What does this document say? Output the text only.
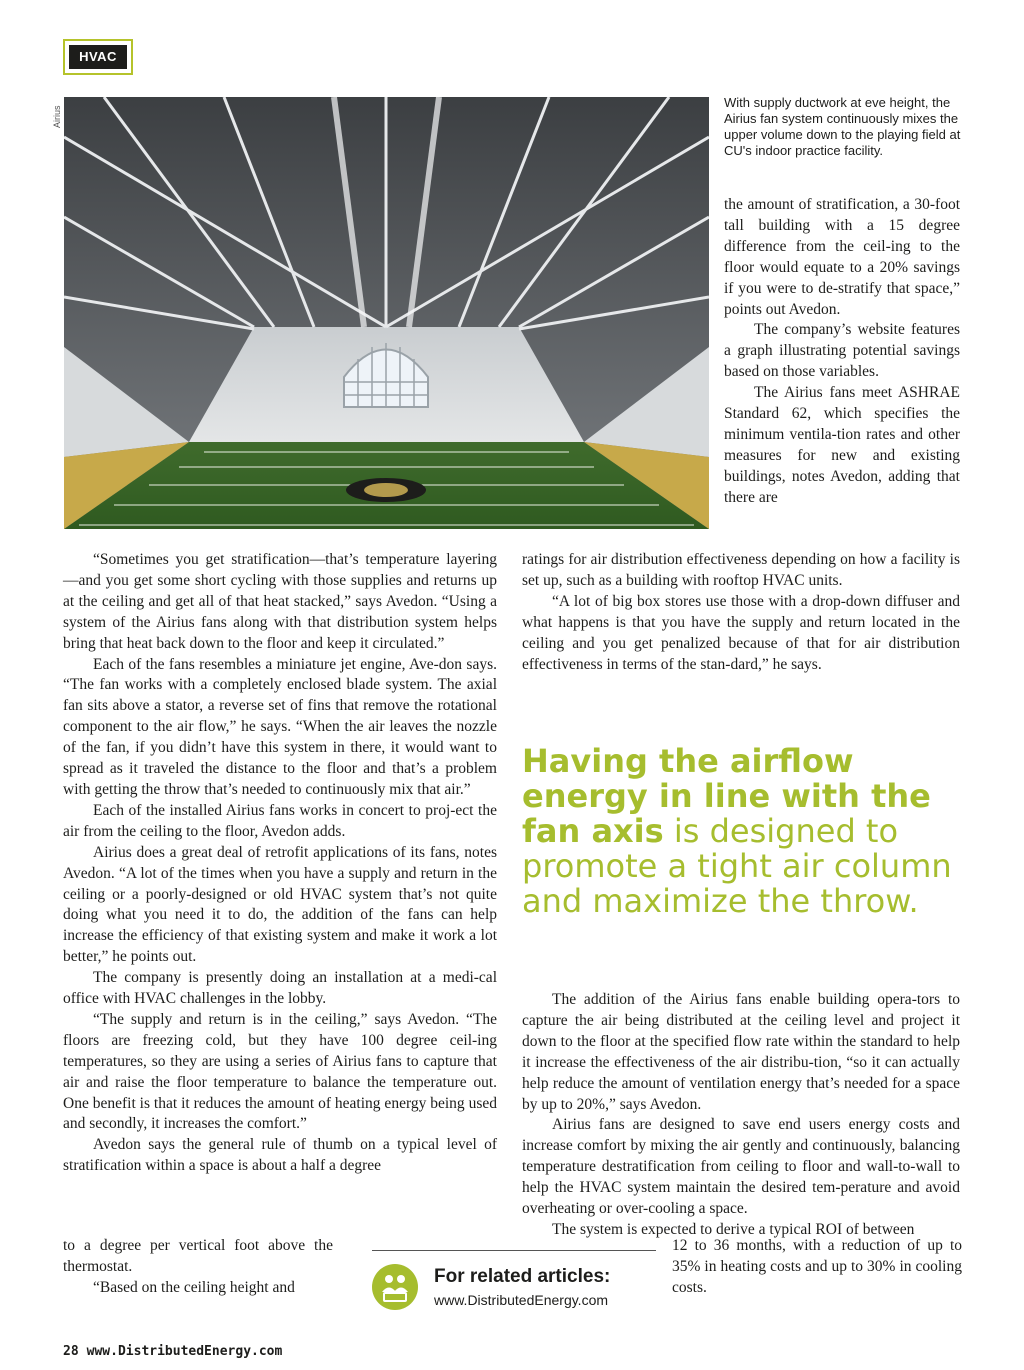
HVAC
Airius
With supply ductwork at eve height, the Airius fan system continuously mixes the upper volume down to the playing field at CU's indoor practice facility.

the amount of stratification, a 30-foot tall building with a 15 degree difference from the ceil-ing to the floor would equate to a 20% savings if you were to de-stratify that space,” points out Avedon.

The company’s website features a graph illustrating potential savings based on those variables.

The Airius fans meet ASHRAE Standard 62, which specifies the minimum ventila-tion rates and other measures for new and existing buildings, notes Avedon, adding that there are

“Sometimes you get stratification—that’s temperature layering—and you get some short cycling with those supplies and returns up at the ceiling and get all of that heat stacked,” says Avedon. “Using a system of the Airius fans along with that distribution system helps bring that heat back down to the floor and keep it circulated.”

Each of the fans resembles a miniature jet engine, Ave-don says. “The fan works with a completely enclosed blade system. The axial fan sits above a stator, a reverse set of fins that remove the rotational component to the air flow,” he says. “When the air leaves the nozzle of the fan, if you didn’t have this system in there, it would want to spread as it traveled the distance to the floor and that’s a problem with getting the throw that’s needed to continuously mix that air.”

Each of the installed Airius fans works in concert to proj-ect the air from the ceiling to the floor, Avedon adds.

Airius does a great deal of retrofit applications of its fans, notes Avedon. “A lot of the times when you have a supply and return in the ceiling or a poorly-designed or old HVAC system that’s not quite doing what you need it to do, the addition of the fans can help increase the efficiency of that existing system and make it work a lot better,” he points out.

The company is presently doing an installation at a medi-cal office with HVAC challenges in the lobby.

“The supply and return is in the ceiling,” says Avedon. “The floors are freezing cold, but they have 100 degree ceil-ing temperatures, so they are using a series of Airius fans to capture that air and raise the floor temperature to balance the temperature out. One benefit is that it reduces the amount of heating energy being used and secondly, it increases the comfort.”

Avedon says the general rule of thumb on a typical level of stratification within a space is about a half a degree

to a degree per vertical foot above the thermostat.

“Based on the ceiling height and

ratings for air distribution effectiveness depending on how a facility is set up, such as a building with rooftop HVAC units.

“A lot of big box stores use those with a drop-down diffuser and what happens is that you have the supply and return located in the ceiling and you get penalized because of that for air distribution effectiveness in terms of the stan-dard,” he says.

Having the airflow energy in line with the fan axis is designed to promote a tight air column and maximize the throw.

The addition of the Airius fans enable building opera-tors to capture the air being distributed at the ceiling level and project it down to the floor at the specified flow rate within the standard to help it increase the effectiveness of the air distribu-tion, “so it can actually help reduce the amount of ventilation energy that’s needed for a space by up to 20%,” says Avedon.

Airius fans are designed to save end users energy costs and increase comfort by mixing the air gently and continuously, balancing temperature destratification from ceiling to floor and wall-to-wall to help the HVAC system maintain the desired tem-perature and avoid overheating or over-cooling a space.

The system is expected to derive a typical ROI of between

12 to 36 months, with a reduction of up to 35% in heating costs and up to 30% in cooling costs.

For related articles:
www.DistributedEnergy.com
28 www.DistributedEnergy.com
